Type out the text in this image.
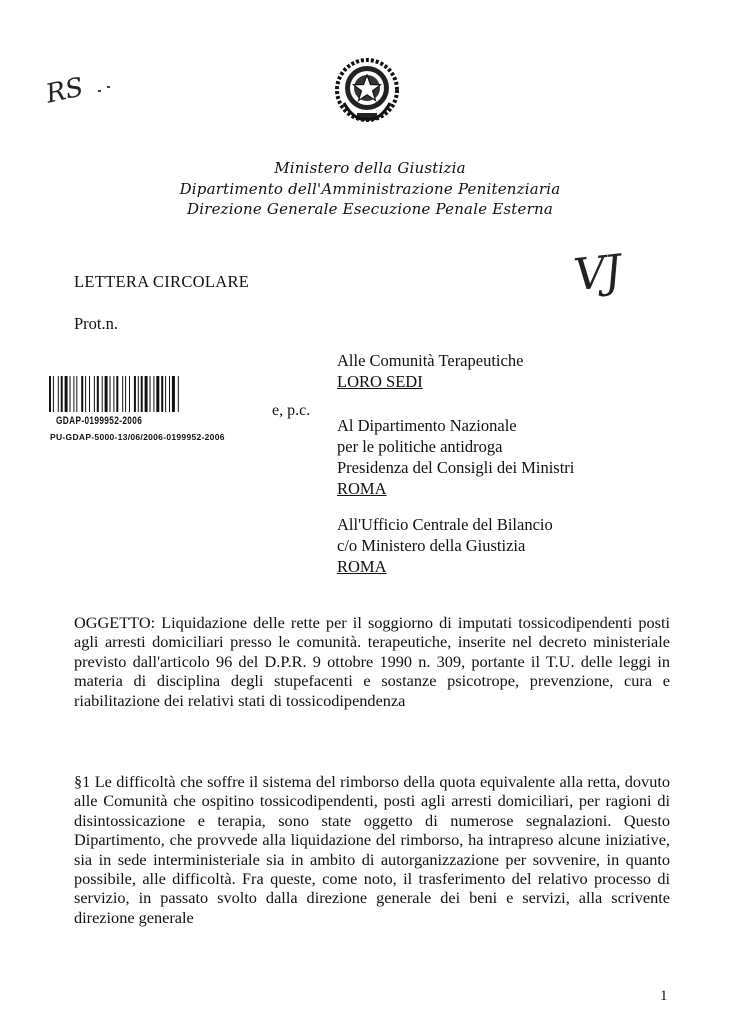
RS
VJ
Ministero della Giustizia
Dipartimento dell'Amministrazione Penitenziaria
Direzione Generale Esecuzione Penale Esterna
LETTERA CIRCOLARE
Prot.n.
GDAP-0199952-2006
PU-GDAP-5000-13/06/2006-0199952-2006
e, p.c.
Alle Comunità Terapeutiche
LORO SEDI
Al Dipartimento Nazionale
per le politiche antidroga
Presidenza del Consigli dei Ministri
ROMA
All'Ufficio Centrale del Bilancio
c/o Ministero della Giustizia
ROMA
OGGETTO: Liquidazione delle rette per il soggiorno di imputati tossicodipendenti posti agli arresti domiciliari presso le comunità. terapeutiche, inserite nel decreto ministeriale previsto dall'articolo 96 del D.P.R. 9 ottobre 1990 n. 309, portante il T.U. delle leggi in materia di disciplina degli stupefacenti e sostanze psicotrope, prevenzione, cura e riabilitazione dei relativi stati di tossicodipendenza
§1 Le difficoltà che soffre il sistema del rimborso della quota equivalente alla retta, dovuto alle Comunità che ospitino tossicodipendenti, posti agli arresti domiciliari, per ragioni di disintossicazione e terapia, sono state oggetto di numerose segnalazioni. Questo Dipartimento, che provvede alla liquidazione del rimborso, ha intrapreso alcune iniziative, sia in sede interministeriale sia in ambito di autorganizzazione per sovvenire, in quanto possibile, alle difficoltà. Fra queste, come noto, il trasferimento del relativo processo di servizio, in passato svolto dalla direzione generale dei beni e servizi, alla scrivente direzione generale
1
